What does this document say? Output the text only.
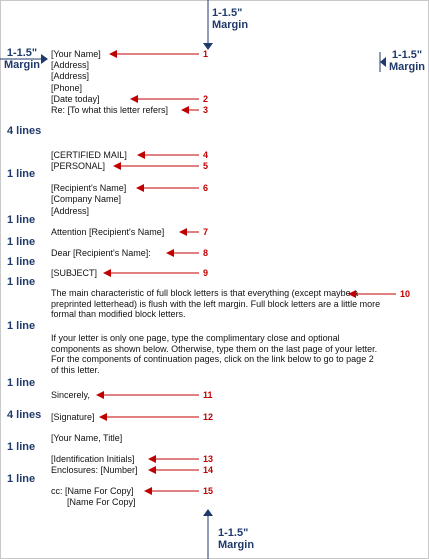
1-1.5"
Margin
1-1.5"
Margin
1-1.5"
Margin
1-1.5"
Margin
4 lines
1 line
1 line
1 line
1 line
1 line
1 line
1 line
4 lines
1 line
1 line
[Your Name]
[Address]
[Address]
[Phone]
[Date today]
Re: [To what this letter refers]
[CERTIFIED MAIL]
[PERSONAL]
[Recipient's Name]
[Company Name]
[Address]
Attention [Recipient's Name]
Dear [Recipient's Name]:
[SUBJECT]
The main characteristic of full block letters is that everything (except maybe a preprinted letterhead) is flush with the left margin. Full block letters are a little more formal than modified block letters.
If your letter is only one page, type the complimentary close and optional components as shown below. Otherwise, type them on the last page of your letter. For the components of continuation pages, click on the link below to go to page 2 of this letter.
Sincerely,
[Signature]
[Your Name, Title]
[Identification Initials]
Enclosures: [Number]
cc: [Name For Copy]
[Name For Copy]
1
2
3
4
5
6
7
8
9
10
11
12
13
14
15
